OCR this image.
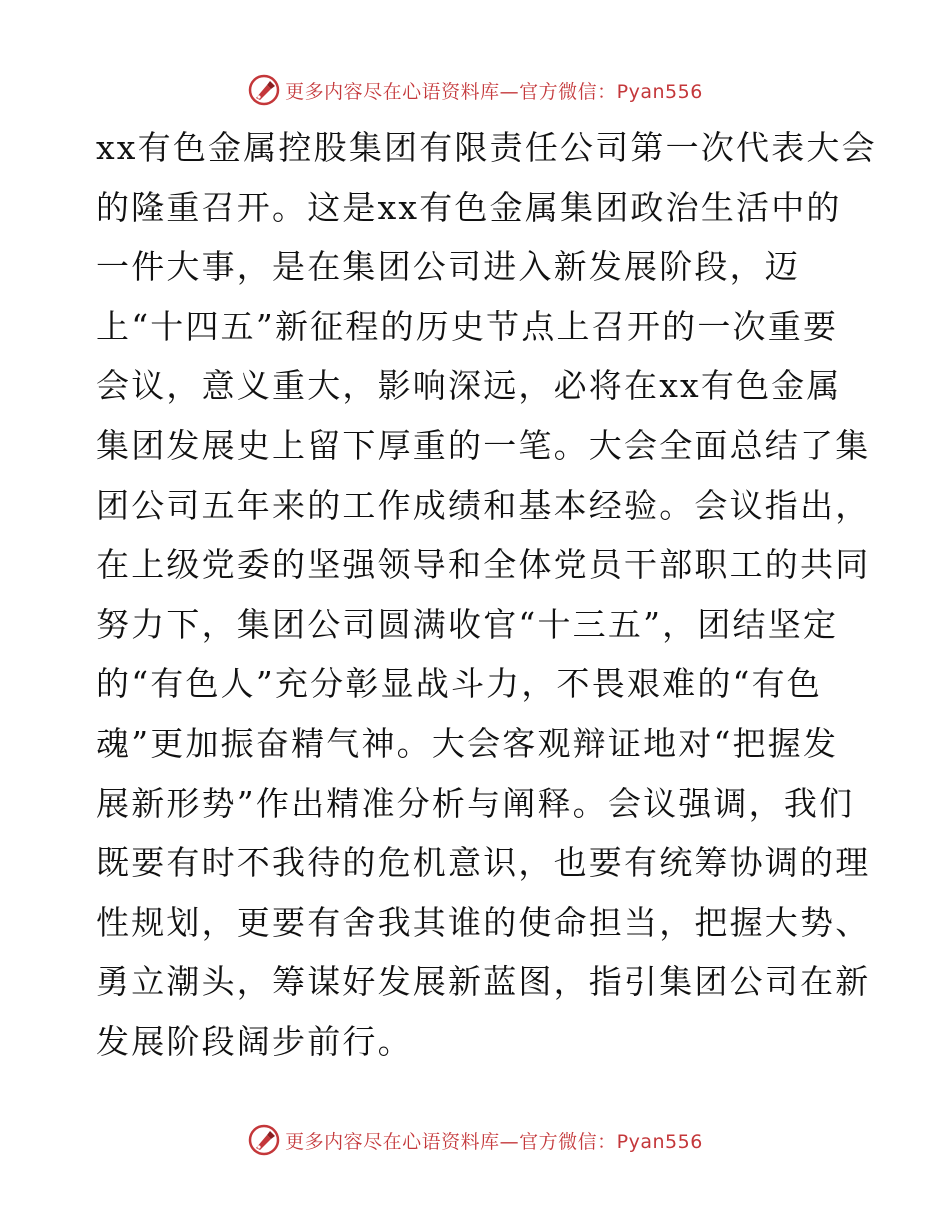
更多内容尽在心语资料库—官方微信：Pyan556
xx有色金属控股集团有限责任公司第一次代表大会
的隆重召开。这是xx有色金属集团政治生活中的
一件大事，是在集团公司进入新发展阶段，迈
上“十四五”新征程的历史节点上召开的一次重要
会议，意义重大，影响深远，必将在xx有色金属
集团发展史上留下厚重的一笔。大会全面总结了集
团公司五年来的工作成绩和基本经验。会议指出，
在上级党委的坚强领导和全体党员干部职工的共同
努力下，集团公司圆满收官“十三五”，团结坚定
的“有色人”充分彰显战斗力，不畏艰难的“有色
魂”更加振奋精气神。大会客观辩证地对“把握发
展新形势”作出精准分析与阐释。会议强调，我们
既要有时不我待的危机意识，也要有统筹协调的理
性规划，更要有舍我其谁的使命担当，把握大势、
勇立潮头，筹谋好发展新蓝图，指引集团公司在新
发展阶段阔步前行。
更多内容尽在心语资料库—官方微信：Pyan556
